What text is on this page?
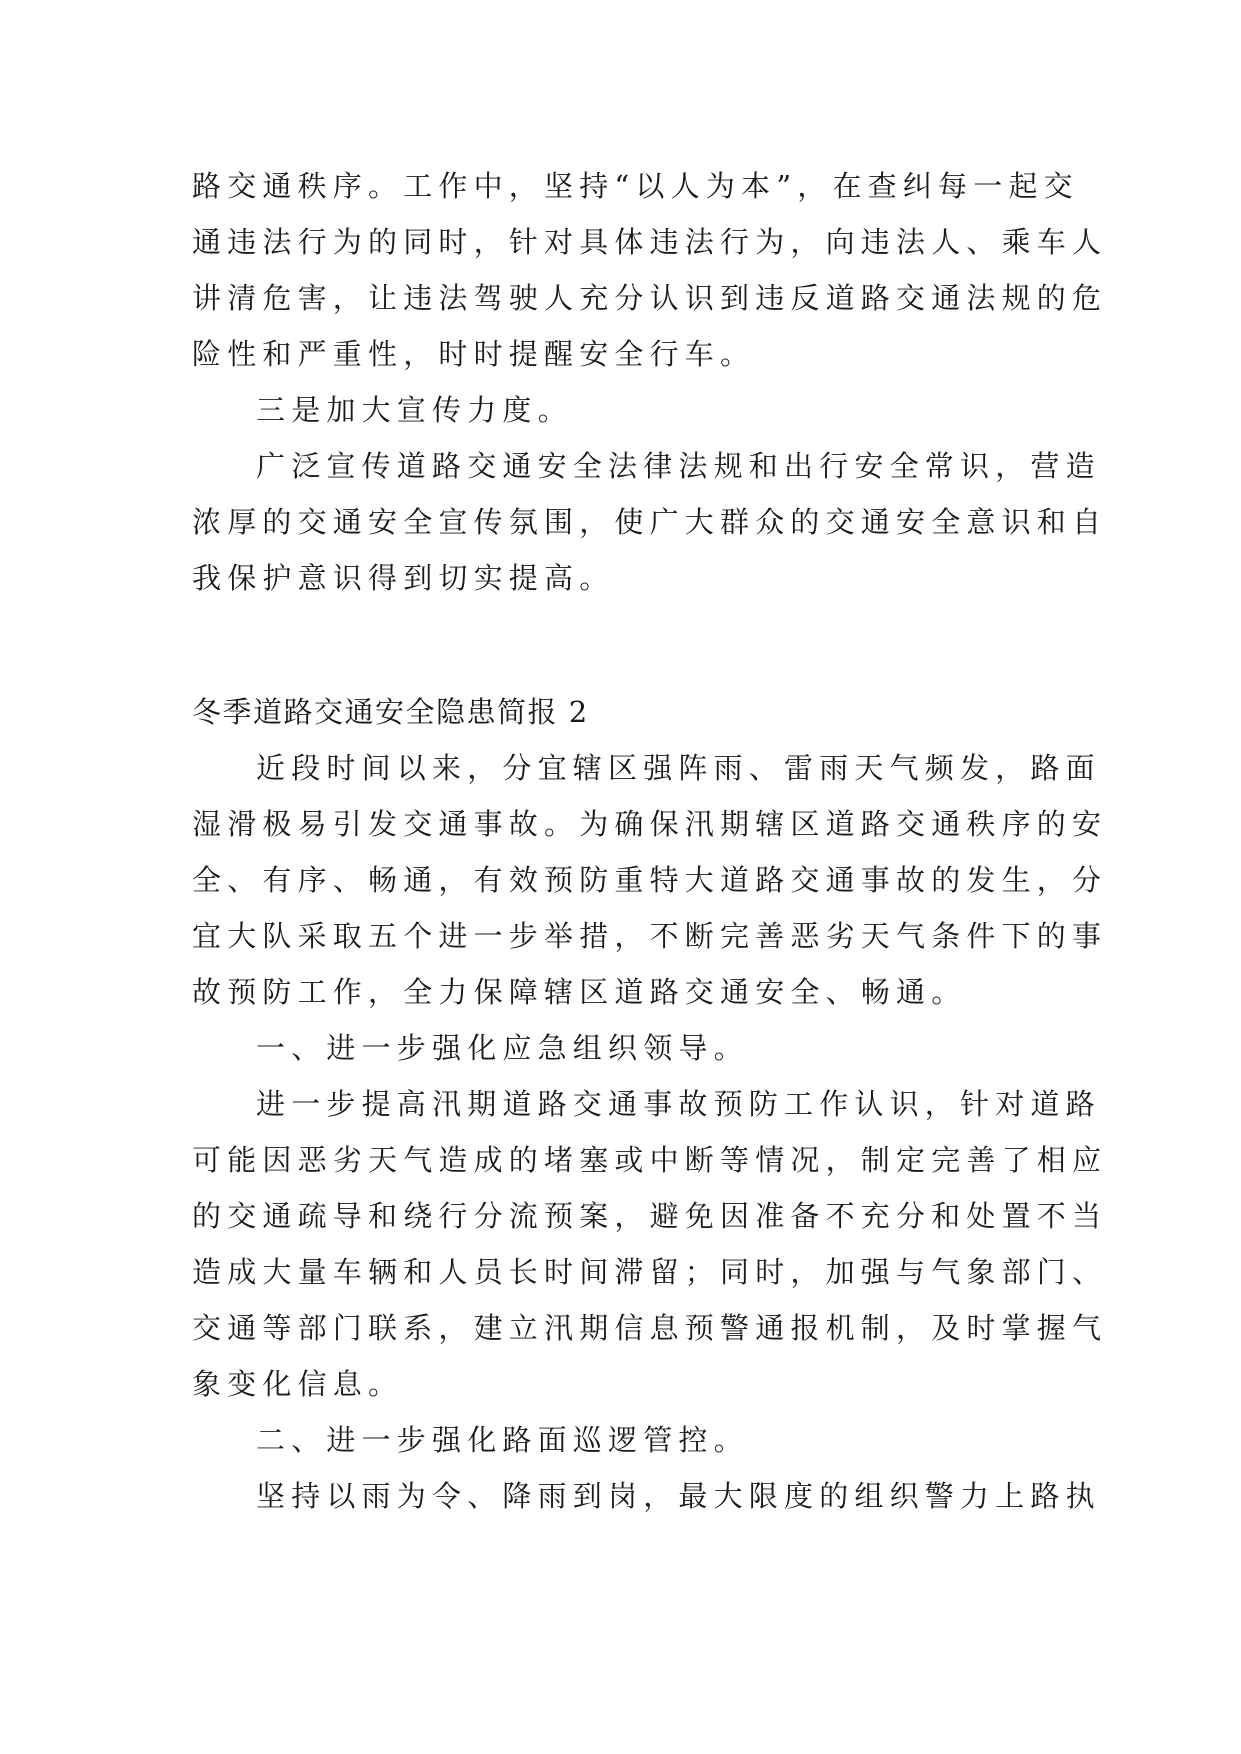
路交通秩序。工作中，坚持“以人为本”，在查纠每一起交
通违法行为的同时，针对具体违法行为，向违法人、乘车人
讲清危害，让违法驾驶人充分认识到违反道路交通法规的危
险性和严重性，时时提醒安全行车。
三是加大宣传力度。
广泛宣传道路交通安全法律法规和出行安全常识，营造
浓厚的交通安全宣传氛围，使广大群众的交通安全意识和自
我保护意识得到切实提高。
冬季道路交通安全隐患简报 2
近段时间以来，分宜辖区强阵雨、雷雨天气频发，路面
湿滑极易引发交通事故。为确保汛期辖区道路交通秩序的安
全、有序、畅通，有效预防重特大道路交通事故的发生，分
宜大队采取五个进一步举措，不断完善恶劣天气条件下的事
故预防工作，全力保障辖区道路交通安全、畅通。
一、进一步强化应急组织领导。
进一步提高汛期道路交通事故预防工作认识，针对道路
可能因恶劣天气造成的堵塞或中断等情况，制定完善了相应
的交通疏导和绕行分流预案，避免因准备不充分和处置不当
造成大量车辆和人员长时间滞留；同时，加强与气象部门、
交通等部门联系，建立汛期信息预警通报机制，及时掌握气
象变化信息。
二、进一步强化路面巡逻管控。
坚持以雨为令、降雨到岗，最大限度的组织警力上路执
